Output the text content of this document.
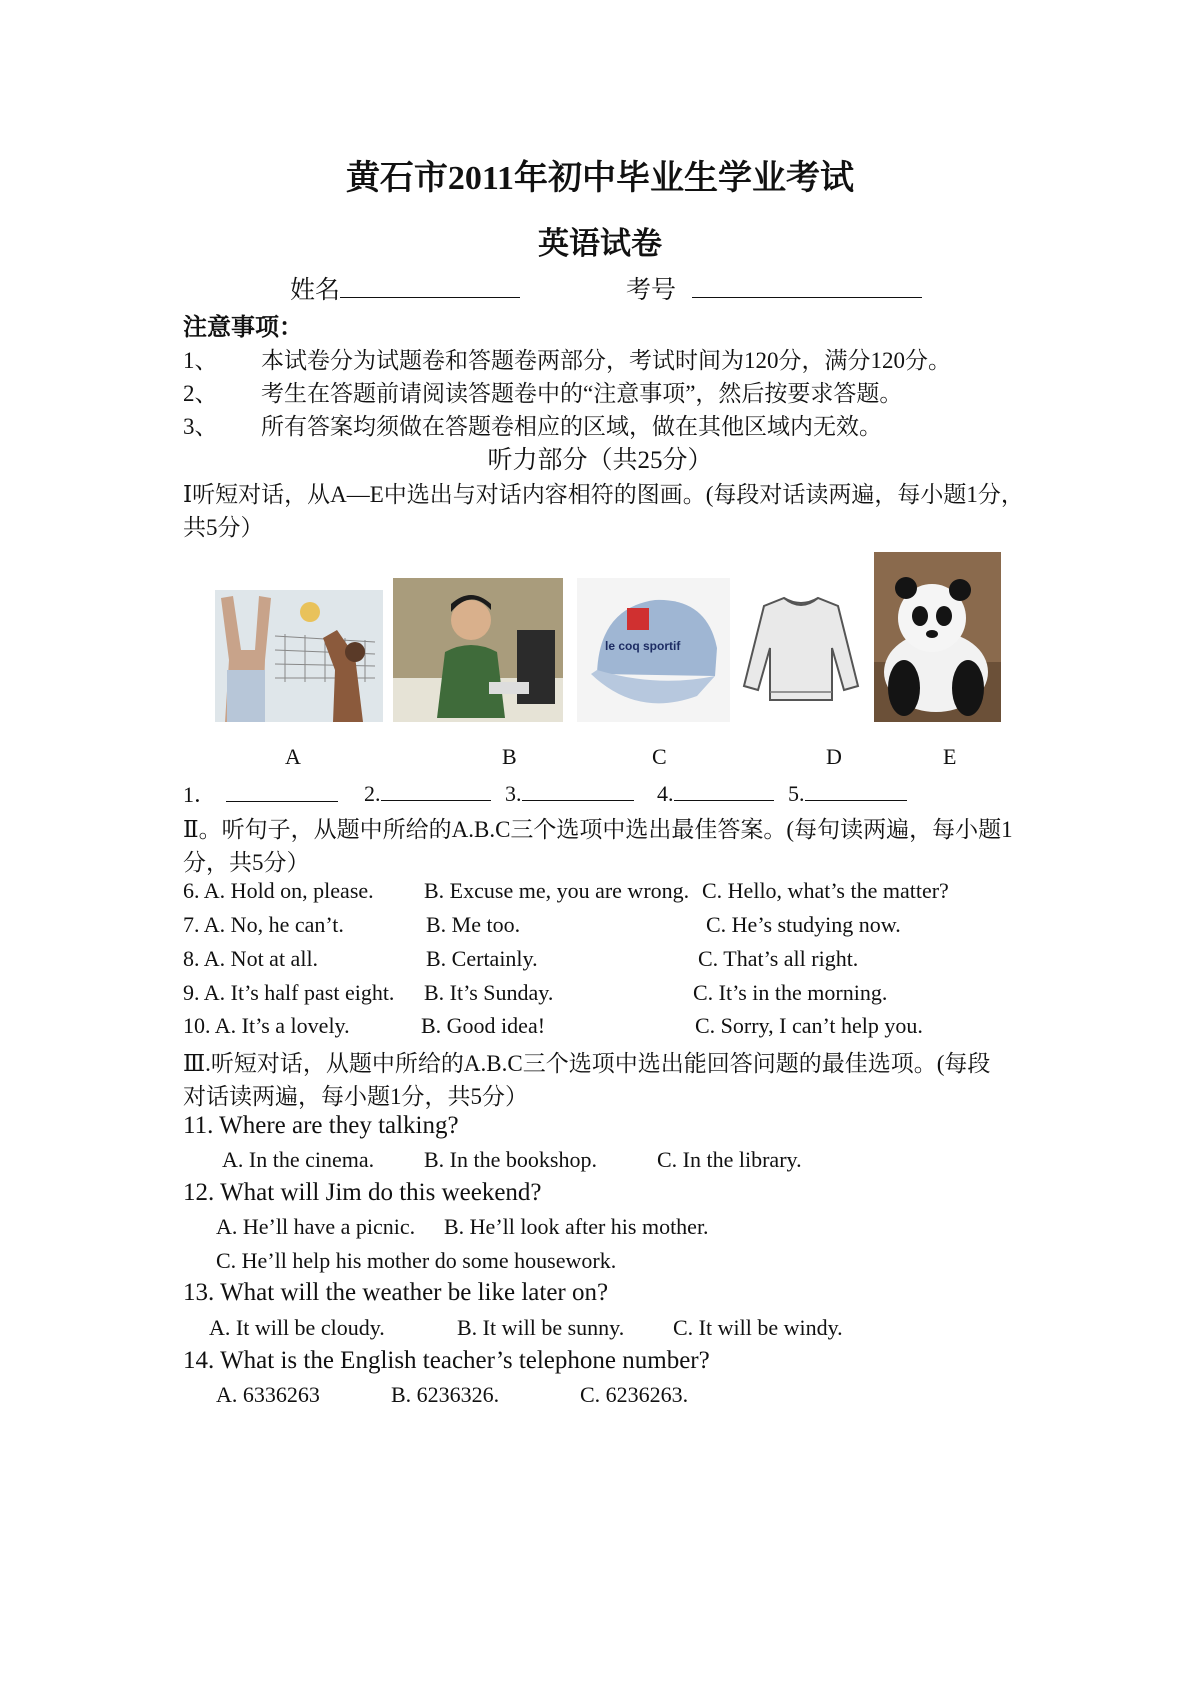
黄石市2011年初中毕业生学业考试
英语试卷
姓名	考号
注意事项：
1、 本试卷分为试题卷和答题卷两部分，考试时间为120分，满分120分。
2、 考生在答题前请阅读答题卷中的“注意事项”，然后按要求答题。
3、 所有答案均须做在答题卷相应的区域，做在其他区域内无效。
听力部分（共25分）
Ⅰ听短对话，从A—E中选出与对话内容相符的图画。(每段对话读两遍，每小题1分，
共5分）
le coq sportif
A	B	C	D	E
1．	2.	3.	4.	5.
Ⅱ。听句子，从题中所给的A.B.C三个选项中选出最佳答案。(每句读两遍，每小题1
分，共5分）
6. A. Hold on, please. B. Excuse me, you are wrong. C. Hello, what’s the matter?
7. A. No, he can’t.	B. Me too.	C. He’s studying now.
8. A. Not at all.	B. Certainly.	C. That’s all right.
9. A. It’s half past eight. B. It’s Sunday.	C. It’s in the morning.
10. A. It’s a lovely.	B. Good idea!	C. Sorry, I can’t help you.
Ⅲ.听短对话，从题中所给的A.B.C三个选项中选出能回答问题的最佳选项。(每段
对话读两遍，每小题1分，共5分）
11. Where are they talking?
A. In the cinema. B. In the bookshop.	C. In the library.
12. What will Jim do this weekend?
A. He’ll have a picnic. B. He’ll look after his mother.
C. He’ll help his mother do some housework.
13. What will the weather be like later on?
A. It will be cloudy.	B. It will be sunny. C. It will be windy.
14. What is the English teacher’s telephone number?
A. 6336263	B. 6236326.	C. 6236263.
